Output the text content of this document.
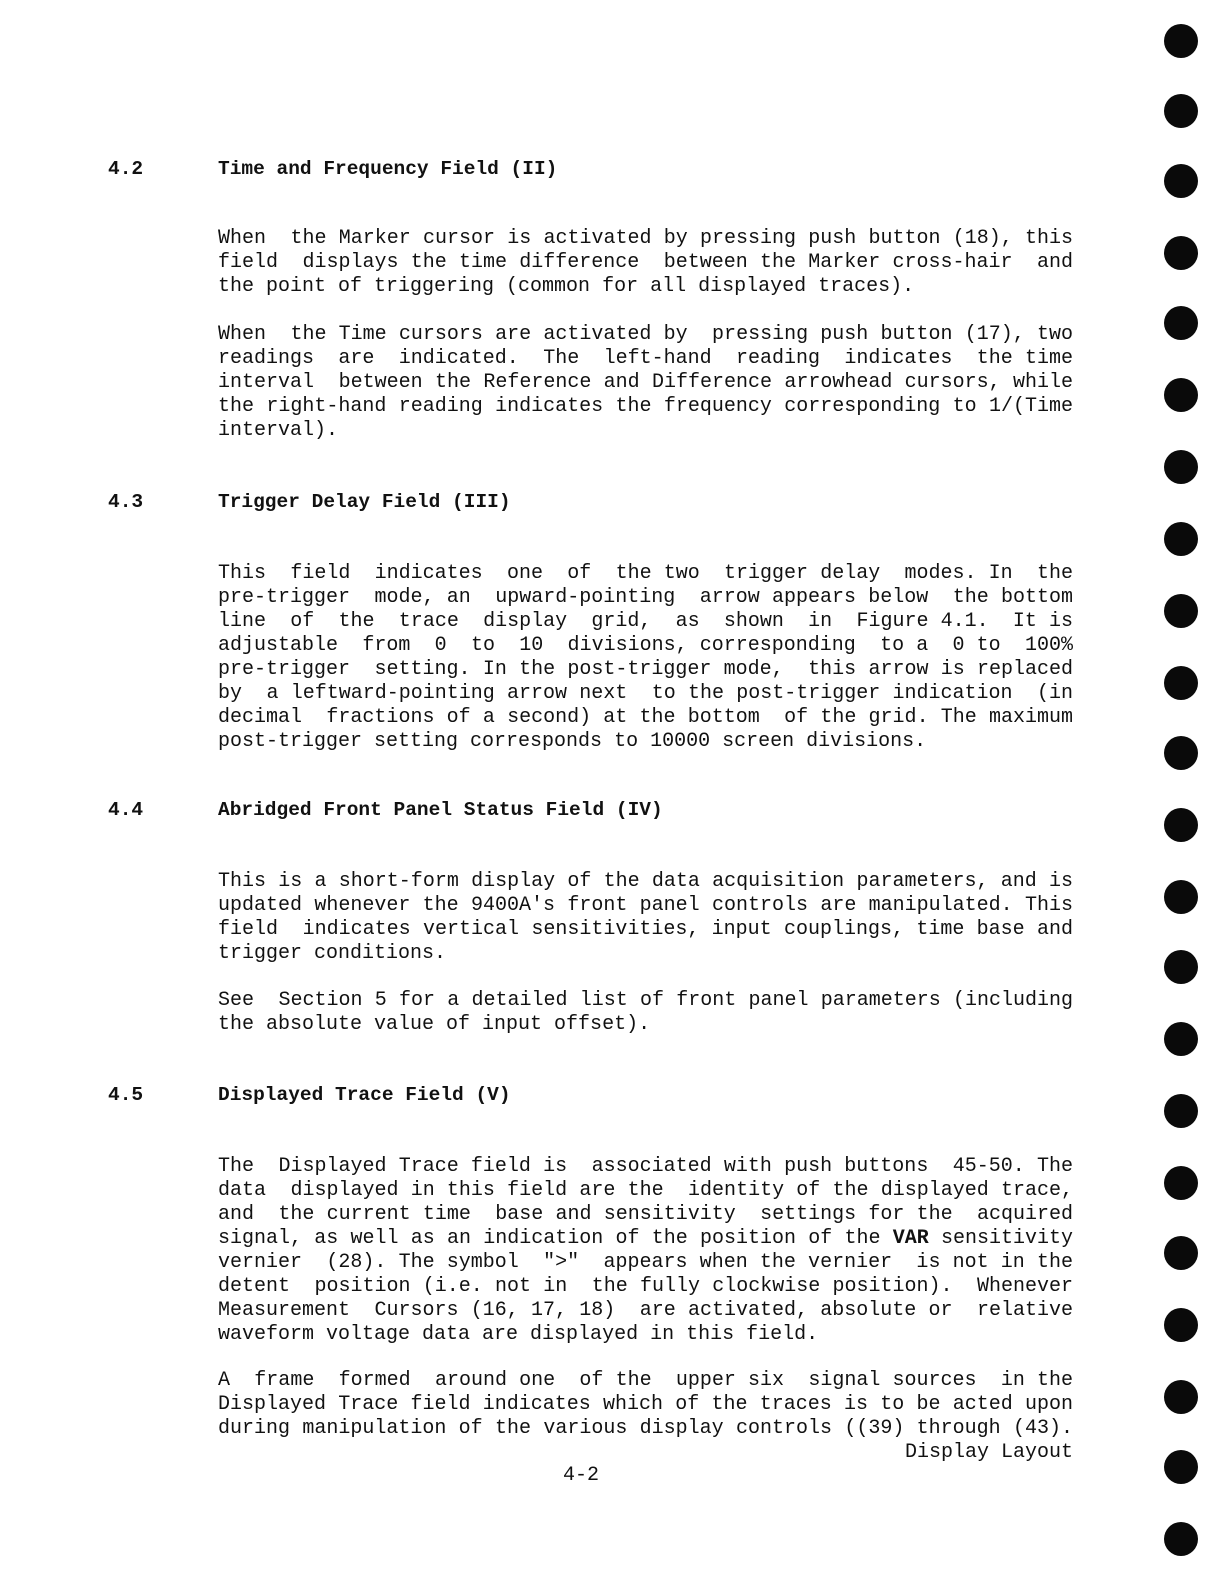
4.2	Time and Frequency Field (II)
When  the Marker cursor is activated by pressing push button (18), this
field  displays the time difference  between the Marker cross-hair  and
the point of triggering (common for all displayed traces).
When  the Time cursors are activated by  pressing push button (17), two
readings  are  indicated.  The  left-hand  reading  indicates  the time
interval  between the Reference and Difference arrowhead cursors, while
the right-hand reading indicates the frequency corresponding to 1/(Time
interval).
4.3	Trigger Delay Field (III)
This  field  indicates  one  of  the two  trigger delay  modes. In  the
pre-trigger  mode, an  upward-pointing  arrow appears below  the bottom
line  of  the  trace  display  grid,  as  shown  in  Figure 4.1.  It is
adjustable  from  0  to  10  divisions, corresponding  to a  0 to  100%
pre-trigger  setting. In the post-trigger mode,  this arrow is replaced
by  a leftward-pointing arrow next  to the post-trigger indication  (in
decimal  fractions of a second) at the bottom  of the grid. The maximum
post-trigger setting corresponds to 10000 screen divisions.
4.4	Abridged Front Panel Status Field (IV)
This is a short-form display of the data acquisition parameters, and is
updated whenever the 9400A's front panel controls are manipulated. This
field  indicates vertical sensitivities, input couplings, time base and
trigger conditions.
See  Section 5 for a detailed list of front panel parameters (including
the absolute value of input offset).
4.5	Displayed Trace Field (V)
The  Displayed Trace field is  associated with push buttons  45-50. The
data  displayed in this field are the  identity of the displayed trace,
and  the current time  base and sensitivity  settings for the  acquired
signal, as well as an indication of the position of the VAR sensitivity
vernier  (28). The symbol  ">"  appears when the vernier  is not in the
detent  position (i.e. not in  the fully clockwise position).  Whenever
Measurement  Cursors (16, 17, 18)  are activated, absolute or  relative
waveform voltage data are displayed in this field.
A  frame  formed  around one  of the  upper six  signal sources  in the
Displayed Trace field indicates which of the traces is to be acted upon
during manipulation of the various display controls ((39) through (43).
Display Layout
4-2
